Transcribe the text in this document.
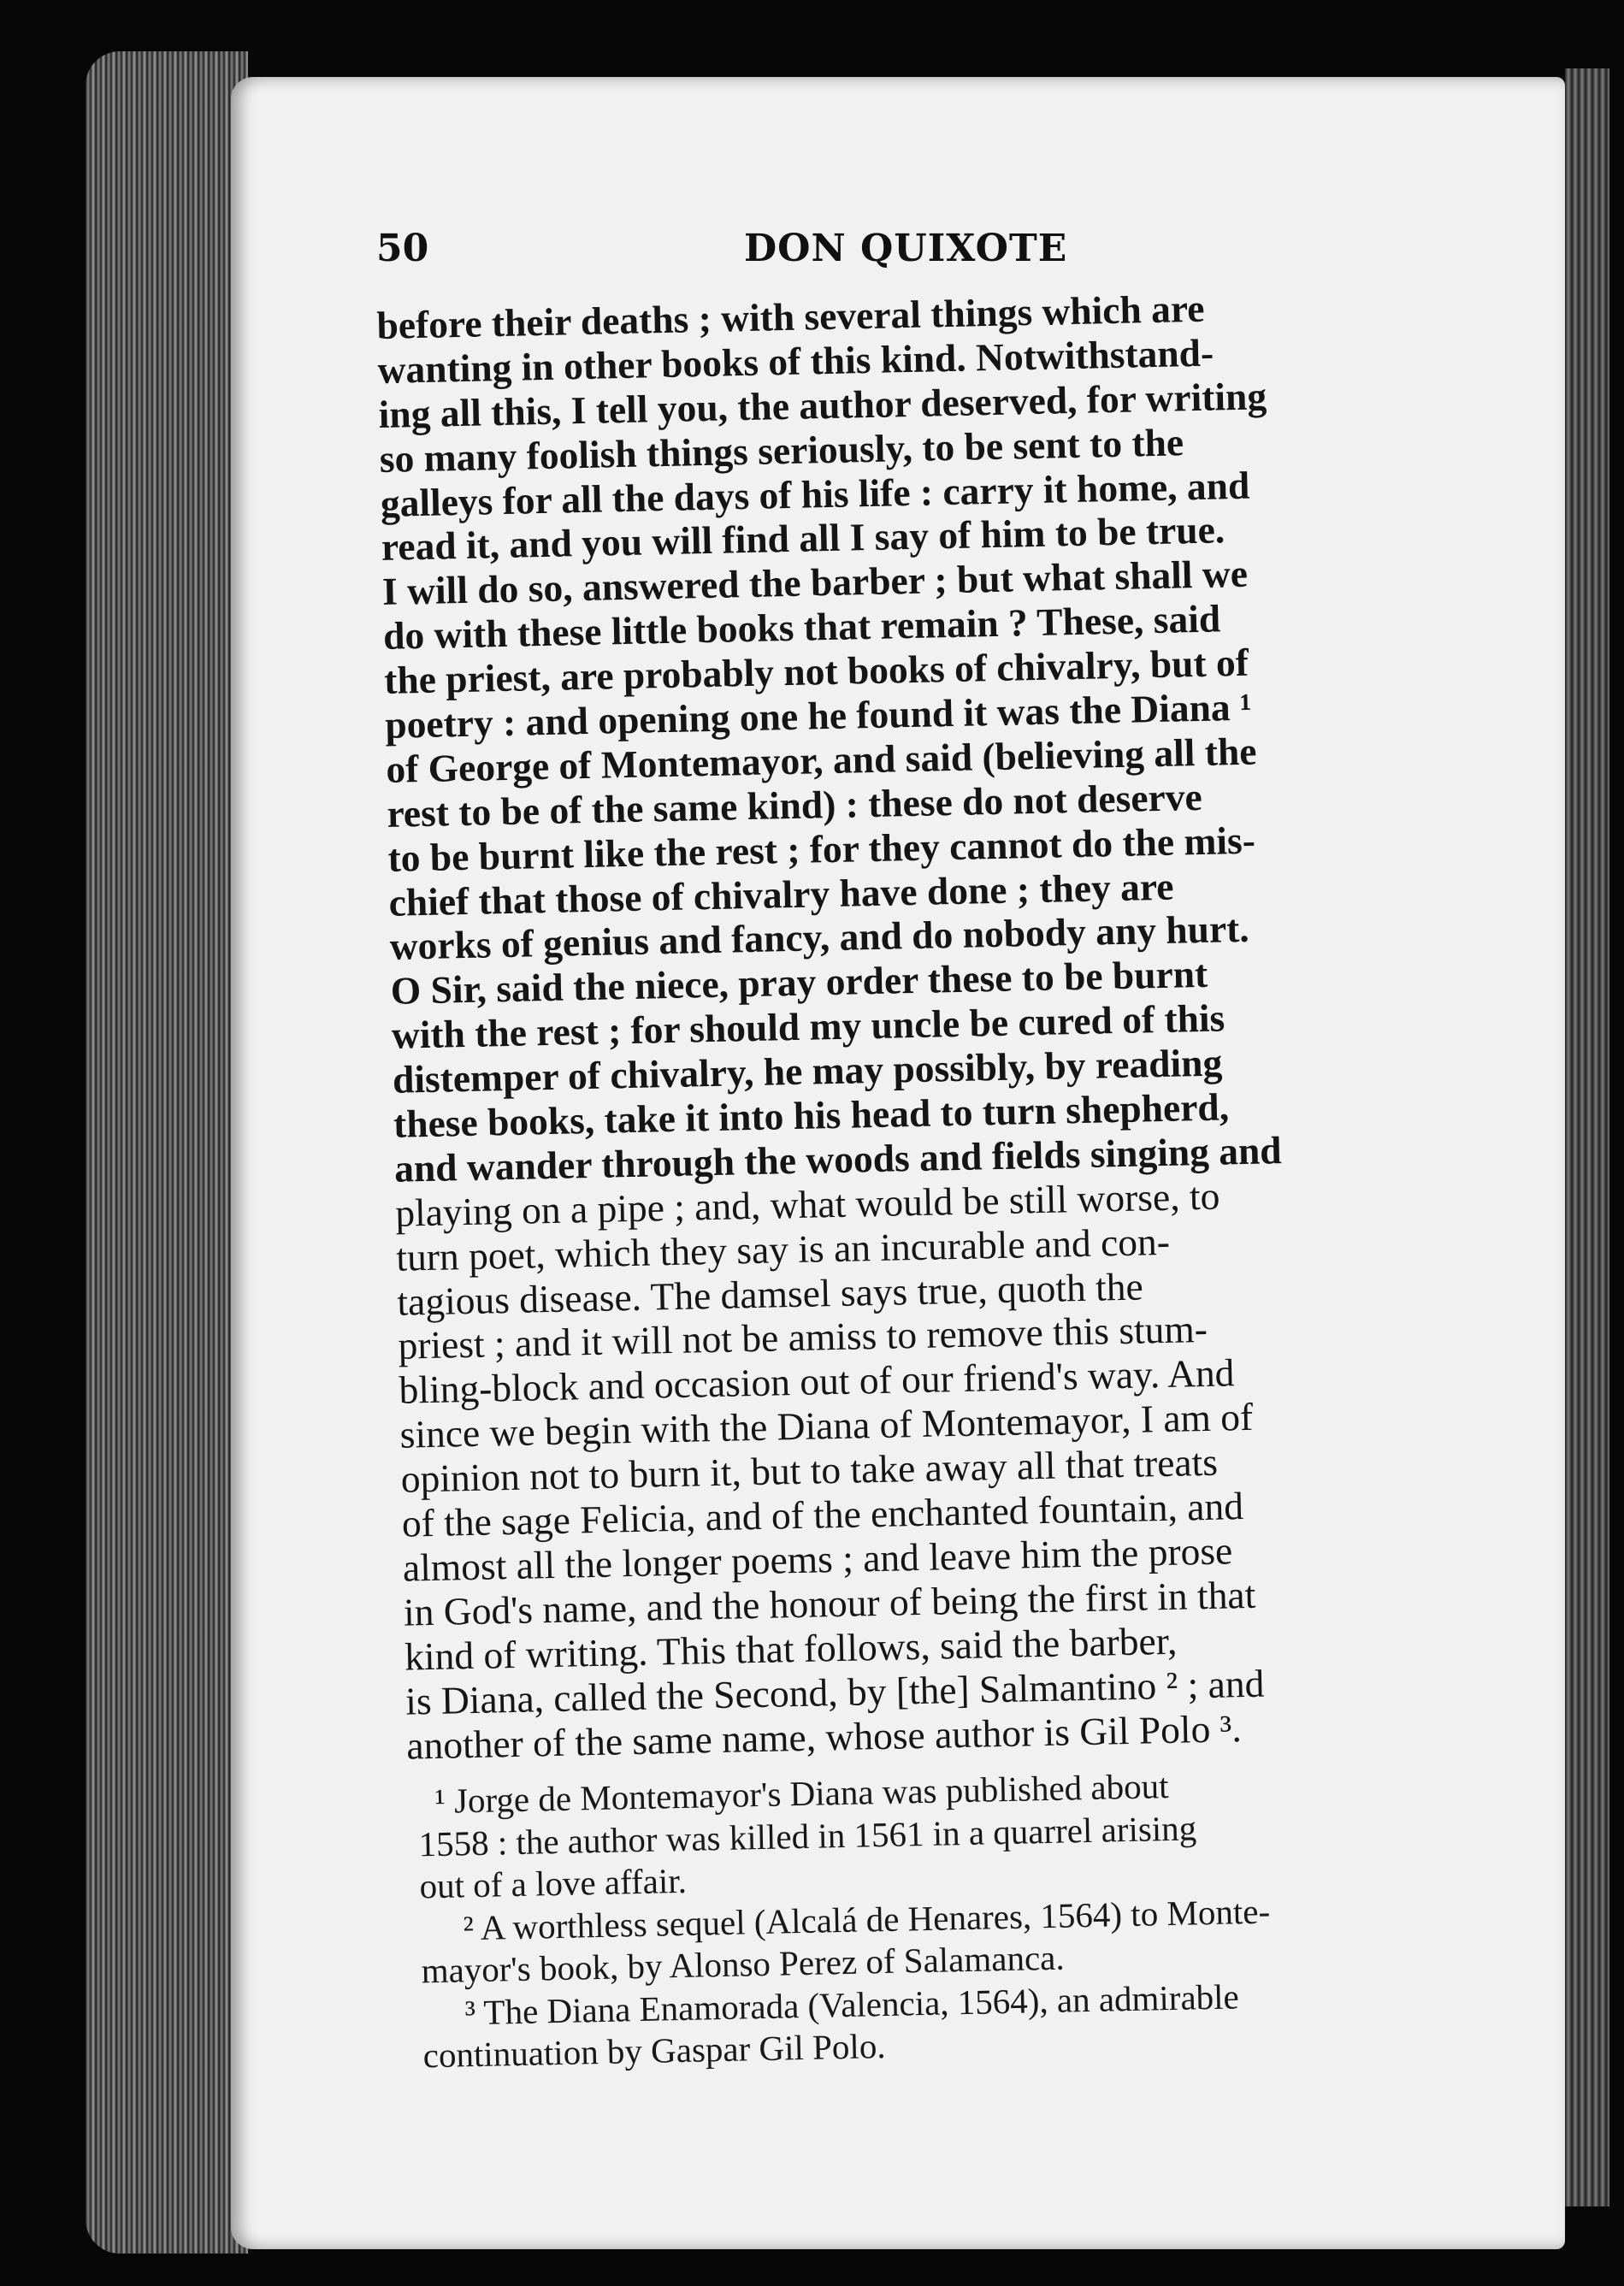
50	DON QUIXOTE
before their deaths ; with several things which are
wanting in other books of this kind. Notwithstand-
ing all this, I tell you, the author deserved, for writing
so many foolish things seriously, to be sent to the
galleys for all the days of his life : carry it home, and
read it, and you will find all I say of him to be true.
I will do so, answered the barber ; but what shall we
do with these little books that remain ? These, said
the priest, are probably not books of chivalry, but of
poetry : and opening one he found it was the Diana ¹
of George of Montemayor, and said (believing all the
rest to be of the same kind) : these do not deserve
to be burnt like the rest ; for they cannot do the mis-
chief that those of chivalry have done ; they are
works of genius and fancy, and do nobody any hurt.
O Sir, said the niece, pray order these to be burnt
with the rest ; for should my uncle be cured of this
distemper of chivalry, he may possibly, by reading
these books, take it into his head to turn shepherd,
and wander through the woods and fields singing and
playing on a pipe ; and, what would be still worse, to
turn poet, which they say is an incurable and con-
tagious disease. The damsel says true, quoth the
priest ; and it will not be amiss to remove this stum-
bling-block and occasion out of our friend's way. And
since we begin with the Diana of Montemayor, I am of
opinion not to burn it, but to take away all that treats
of the sage Felicia, and of the enchanted fountain, and
almost all the longer poems ; and leave him the prose
in God's name, and the honour of being the first in that
kind of writing. This that follows, said the barber,
is Diana, called the Second, by [the] Salmantino ² ; and
another of the same name, whose author is Gil Polo ³.
¹ Jorge de Montemayor's Diana was published about
1558 : the author was killed in 1561 in a quarrel arising
out of a love affair.
² A worthless sequel (Alcalá de Henares, 1564) to Monte-
mayor's book, by Alonso Perez of Salamanca.
³ The Diana Enamorada (Valencia, 1564), an admirable
continuation by Gaspar Gil Polo.
